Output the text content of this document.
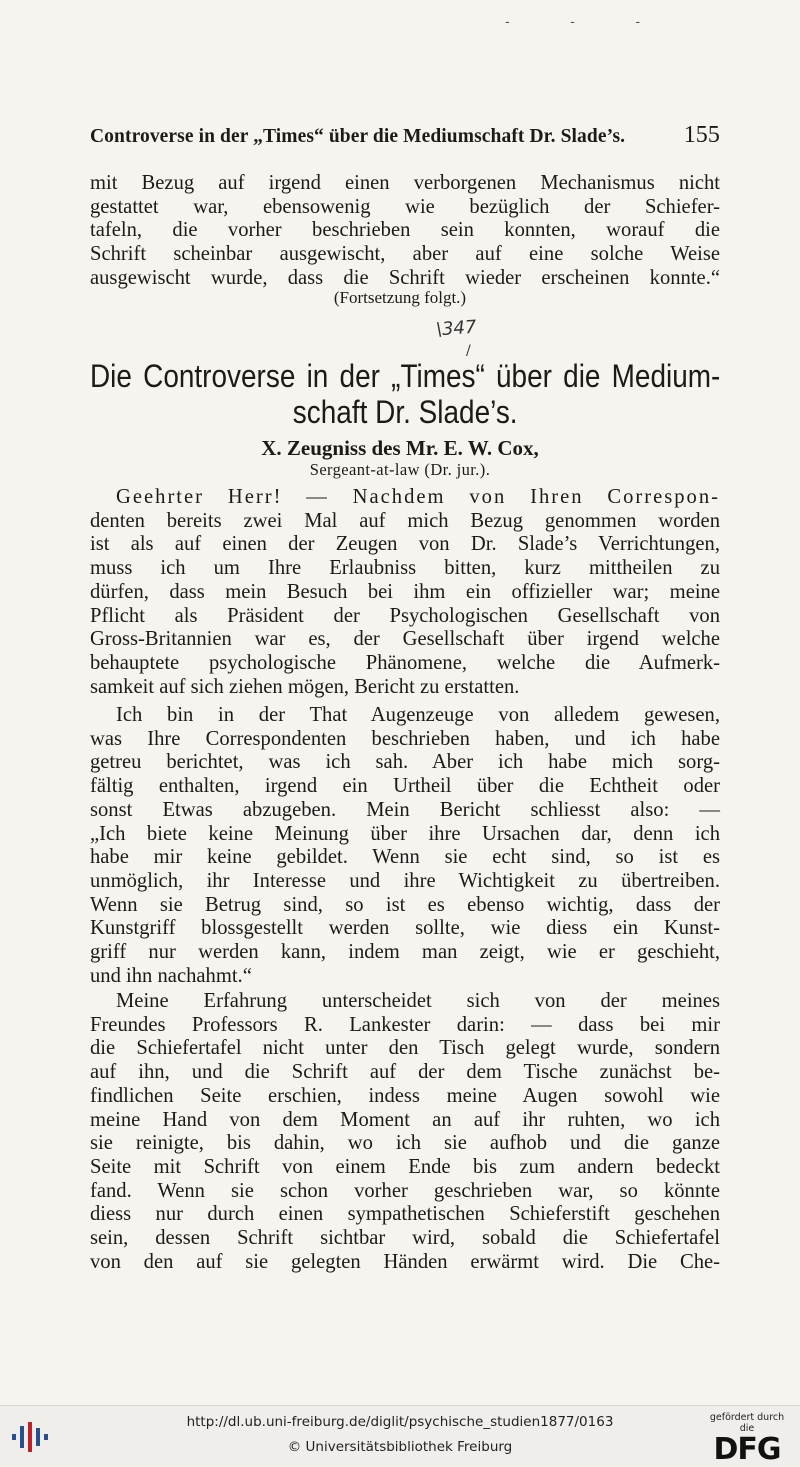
- - -
Controverse in der „Times“ über die Mediumschaft Dr. Slade’s. 155
mit Bezug auf irgend einen verborgenen Mechanismus nicht
gestattet war, ebensowenig wie bezüglich der Schiefer-
tafeln, die vorher beschrieben sein konnten, worauf die
Schrift scheinbar ausgewischt, aber auf eine solche Weise
ausgewischt wurde, dass die Schrift wieder erscheinen konnte.“
(Fortsetzung folgt.)
\347
/
Die Controverse in der „Times“ über die Medium-
schaft Dr. Slade’s.
X. Zeugniss des Mr. E. W. Cox,
Sergeant-at-law (Dr. jur.).
Geehrter Herr! — Nachdem von Ihren Correspon-
denten bereits zwei Mal auf mich Bezug genommen worden
ist als auf einen der Zeugen von Dr. Slade’s Verrichtungen,
muss ich um Ihre Erlaubniss bitten, kurz mittheilen zu
dürfen, dass mein Besuch bei ihm ein offizieller war; meine
Pflicht als Präsident der Psychologischen Gesellschaft von
Gross-Britannien war es, der Gesellschaft über irgend welche
behauptete psychologische Phänomene, welche die Aufmerk-
samkeit auf sich ziehen mögen, Bericht zu erstatten.
Ich bin in der That Augenzeuge von alledem gewesen,
was Ihre Correspondenten beschrieben haben, und ich habe
getreu berichtet, was ich sah. Aber ich habe mich sorg-
fältig enthalten, irgend ein Urtheil über die Echtheit oder
sonst Etwas abzugeben. Mein Bericht schliesst also: —
„Ich biete keine Meinung über ihre Ursachen dar, denn ich
habe mir keine gebildet. Wenn sie echt sind, so ist es
unmöglich, ihr Interesse und ihre Wichtigkeit zu übertreiben.
Wenn sie Betrug sind, so ist es ebenso wichtig, dass der
Kunstgriff blossgestellt werden sollte, wie diess ein Kunst-
griff nur werden kann, indem man zeigt, wie er geschieht,
und ihn nachahmt.“
Meine Erfahrung unterscheidet sich von der meines
Freundes Professors R. Lankester darin: — dass bei mir
die Schiefertafel nicht unter den Tisch gelegt wurde, sondern
auf ihn, und die Schrift auf der dem Tische zunächst be-
findlichen Seite erschien, indess meine Augen sowohl wie
meine Hand von dem Moment an auf ihr ruhten, wo ich
sie reinigte, bis dahin, wo ich sie aufhob und die ganze
Seite mit Schrift von einem Ende bis zum andern bedeckt
fand. Wenn sie schon vorher geschrieben war, so könnte
diess nur durch einen sympathetischen Schieferstift geschehen
sein, dessen Schrift sichtbar wird, sobald die Schiefertafel
von den auf sie gelegten Händen erwärmt wird. Die Che-
http://dl.ub.uni-freiburg.de/diglit/psychische_studien1877/0163
© Universitätsbibliothek Freiburg
gefördert durch die
DFG
